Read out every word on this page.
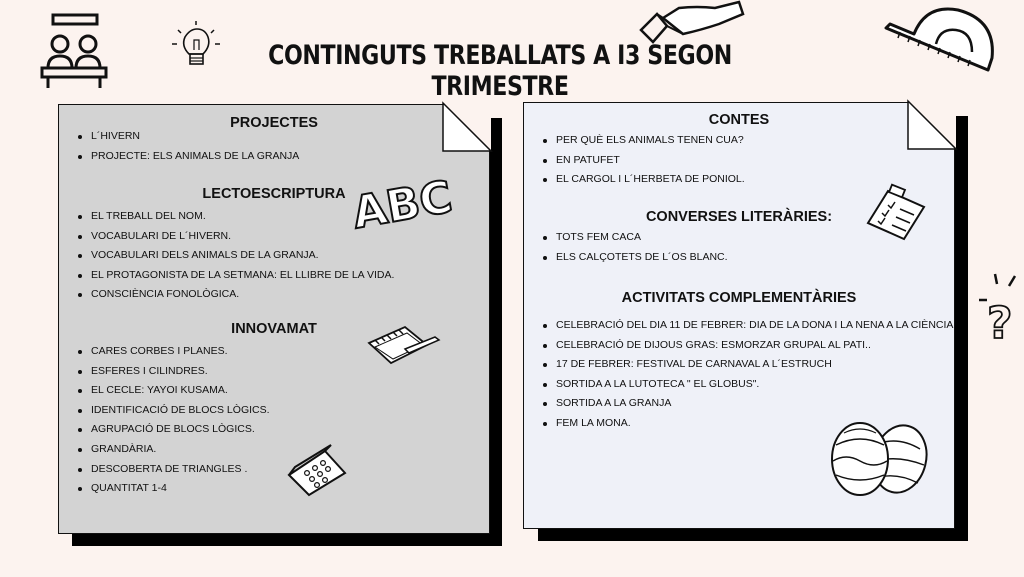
CONTINGUTS TREBALLATS A I3 SEGON TRIMESTRE
?
PROJECTES
L´HIVERN
PROJECTE: ELS ANIMALS DE LA GRANJA
LECTOESCRIPTURA
EL TREBALL DEL NOM.
VOCABULARI DE L´HIVERN.
VOCABULARI DELS ANIMALS DE LA GRANJA.
EL PROTAGONISTA DE LA SETMANA: EL LLIBRE DE LA VIDA.
CONSCIÈNCIA FONOLÒGICA.
INNOVAMAT
CARES CORBES I PLANES.
ESFERES I CILINDRES.
EL CECLE: YAYOI KUSAMA.
IDENTIFICACIÓ DE BLOCS LÒGICS.
AGRUPACIÓ DE BLOCS LÒGICS.
GRANDÀRIA.
DESCOBERTA DE TRIANGLES .
QUANTITAT 1-4
ABC
CONTES
PER QUÈ ELS ANIMALS TENEN CUA?
EN PATUFET
EL CARGOL I L´HERBETA DE PONIOL.
CONVERSES LITERÀRIES:
TOTS FEM CACA
ELS CALÇOTETS DE L´OS BLANC.
ACTIVITATS COMPLEMENTÀRIES
CELEBRACIÓ DEL DIA 11 DE FEBRER: DIA DE LA DONA I LA NENA A LA CIÈNCIA
CELEBRACIÓ DE DIJOUS GRAS: ESMORZAR GRUPAL AL PATI..
17 DE FEBRER: FESTIVAL DE CARNAVAL A L´ESTRUCH
SORTIDA A LA LUTOTECA " EL GLOBUS".
SORTIDA A LA GRANJA
FEM LA MONA.
